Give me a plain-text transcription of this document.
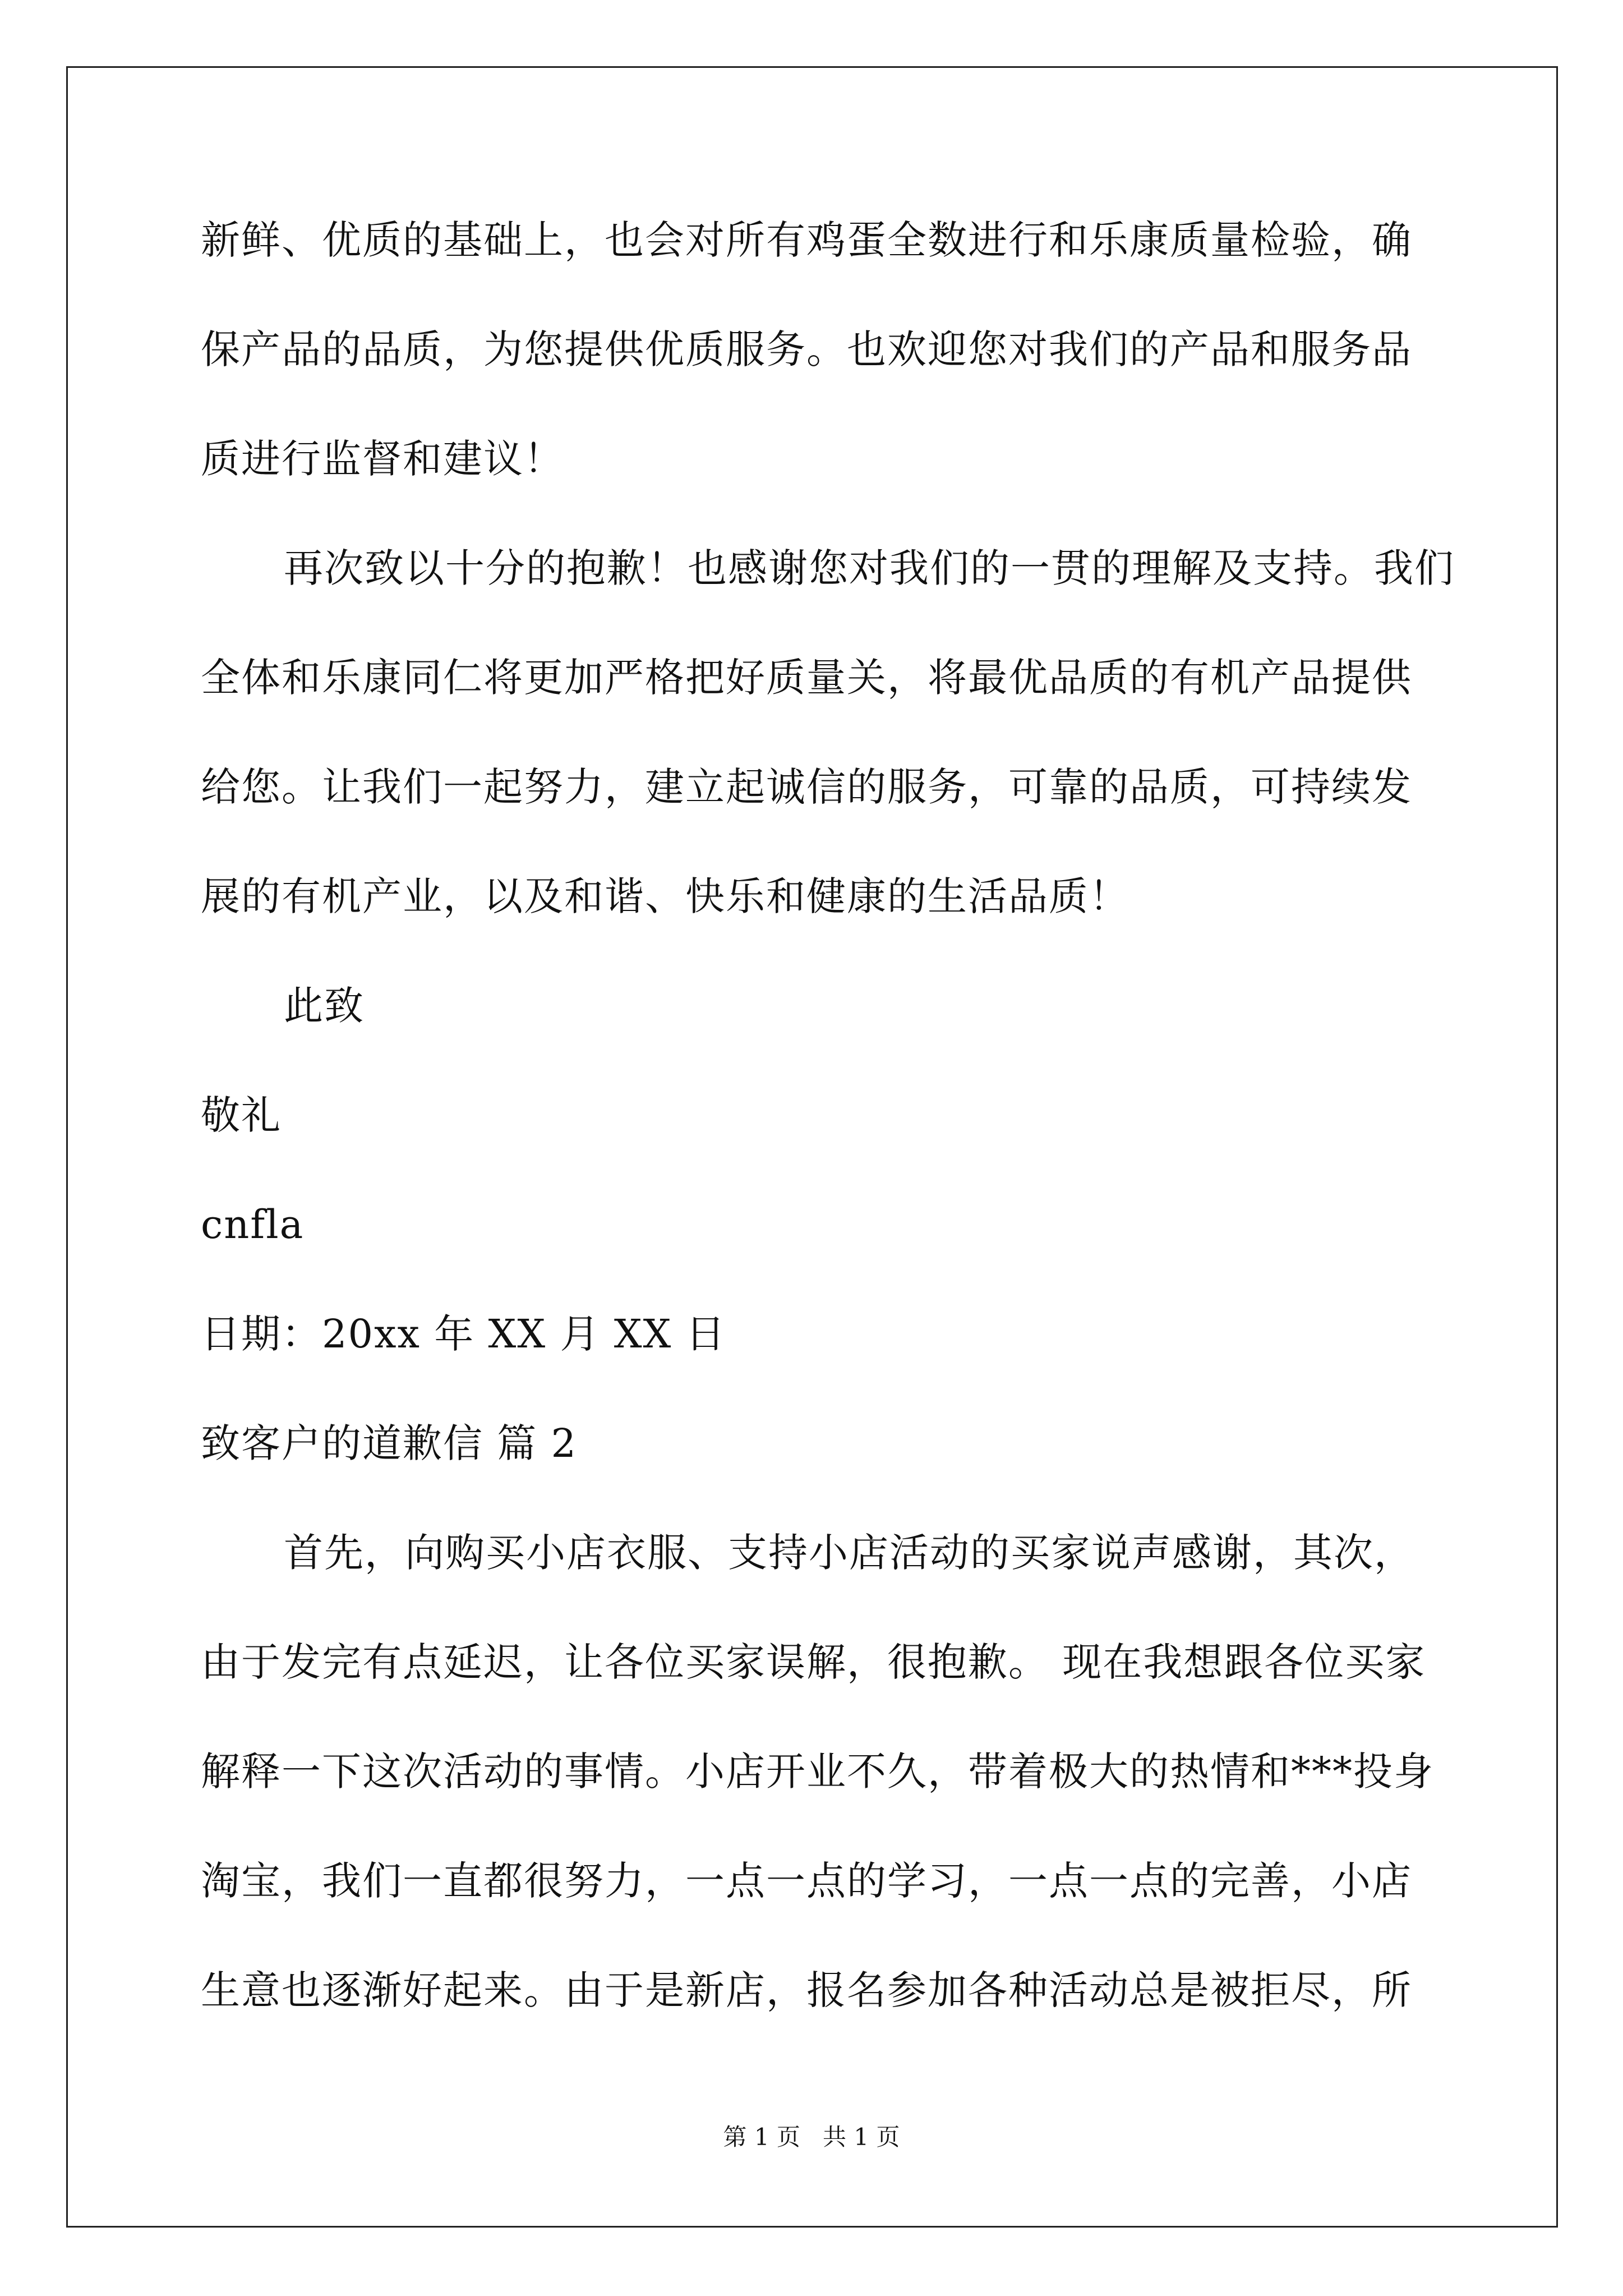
新鲜、优质的基础上，也会对所有鸡蛋全数进行和乐康质量检验，确
保产品的品质，为您提供优质服务。也欢迎您对我们的产品和服务品
质进行监督和建议！
再次致以十分的抱歉！也感谢您对我们的一贯的理解及支持。我们
全体和乐康同仁将更加严格把好质量关，将最优品质的有机产品提供
给您。让我们一起努力，建立起诚信的服务，可靠的品质，可持续发
展的有机产业，以及和谐、快乐和健康的生活品质！
此致
敬礼
cnfla
日期：20xx 年 XX 月 XX 日
致客户的道歉信 篇 2
首先，向购买小店衣服、支持小店活动的买家说声感谢，其次，
由于发完有点延迟，让各位买家误解，很抱歉。 现在我想跟各位买家
解释一下这次活动的事情。小店开业不久，带着极大的热情和***投身
淘宝，我们一直都很努力，一点一点的学习，一点一点的完善，小店
生意也逐渐好起来。由于是新店，报名参加各种活动总是被拒尽，所
第 1 页   共 1 页
